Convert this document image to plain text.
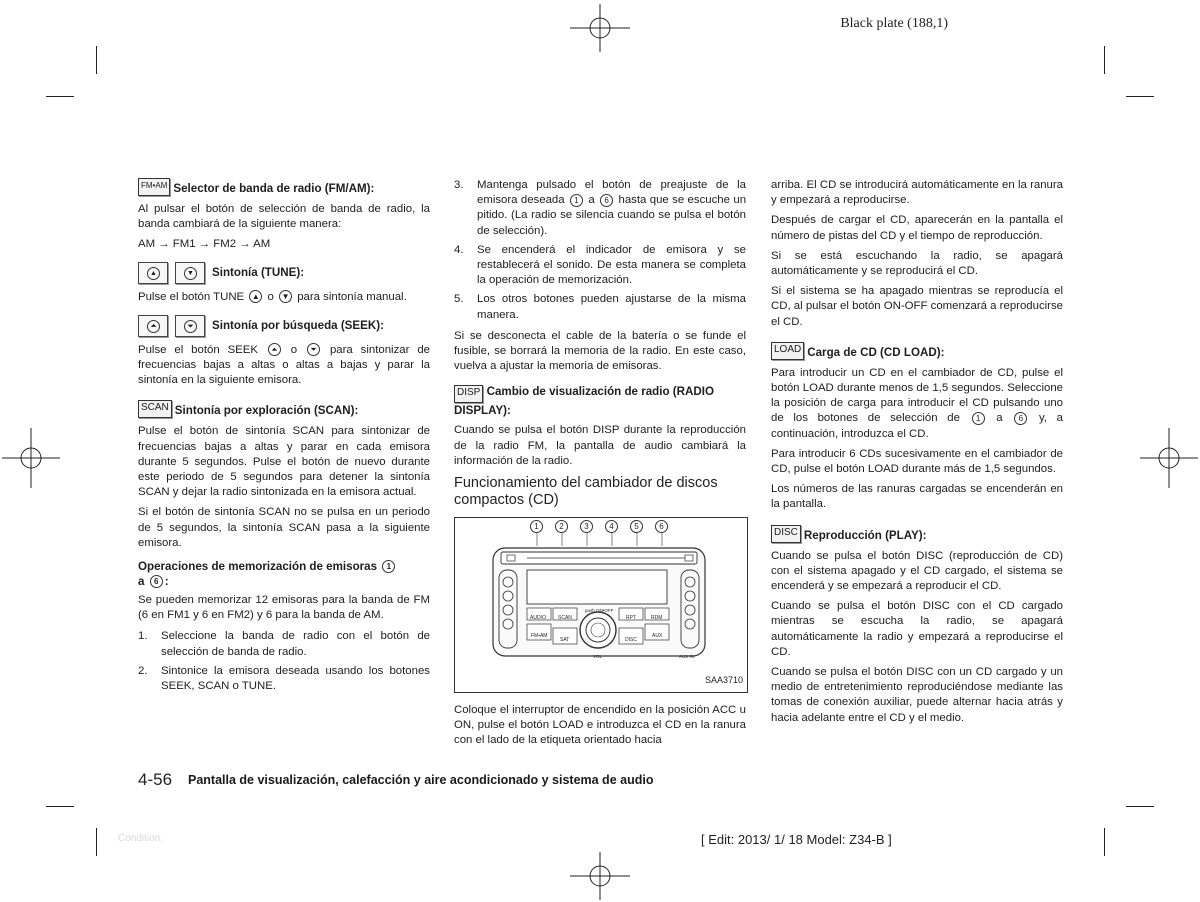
Black plate (188,1)
FM•AM Selector de banda de radio (FM/AM):

Al pulsar el botón de selección de banda de radio, la banda cambiará de la siguiente manera:

AM → FM1 → FM2 → AM

▲	▼ Sintonía (TUNE):

Pulse el botón TUNE ▲ o ▼ para sintonía manual.

⏶	⏷	Sintonía por búsqueda (SEEK):

Pulse el botón SEEK ⏶ o ⏷ para sintonizar de frecuencias bajas a altas o altas a bajas y parar la sintonía en la siguiente emisora.

SCAN Sintonía por exploración (SCAN):

Pulse el botón de sintonía SCAN para sintonizar de frecuencias bajas a altas y parar en cada emisora durante 5 segundos. Pulse el botón de nuevo durante este periodo de 5 segundos para detener la sintonía SCAN y dejar la radio sintonizada en la emisora actual.

Si el botón de sintonía SCAN no se pulsa en un periodo de 5 segundos, la sintonía SCAN pasa a la siguiente emisora.

Operaciones de memorización de emisoras 1
a 6 :

Se pueden memorizar 12 emisoras para la banda de FM (6 en FM1 y 6 en FM2) y 6 para la banda de AM.

1.	Seleccione la banda de radio con el botón de selección de banda de radio.
2.	Sintonice la emisora deseada usando los botones SEEK, SCAN o TUNE.
3.	Mantenga pulsado el botón de preajuste de la emisora deseada 1 a 6 hasta que se escuche un pitido. (La radio se silencia cuando se pulsa el botón de selección).
4.	Se encenderá el indicador de emisora y se restablecerá el sonido. De esta manera se completa la operación de memorización.
5.	Los otros botones pueden ajustarse de la misma manera.

Si se desconecta el cable de la batería o se funde el fusible, se borrará la memoria de la radio. En este caso, vuelva a ajustar la memoria de emisoras.

DISP Cambio de visualización de radio (RADIO DISPLAY):

Cuando se pulsa el botón DISP durante la reproducción de la radio FM, la pantalla de audio cambiará la información de la radio.

Funcionamiento del cambiador de discos compactos (CD)
1	2	3	4	5	6
AUDIO SCAN
push ON•OFF
RPT	RDM
FM•AM
SAT	DISC
AUX
VOL	AUX IN
SAA3710

Coloque el interruptor de encendido en la posición ACC u ON, pulse el botón LOAD e introduzca el CD en la ranura con el lado de la etiqueta orientado hacia

arriba. El CD se introducirá automáticamente en la ranura y empezará a reproducirse.

Después de cargar el CD, aparecerán en la pantalla el número de pistas del CD y el tiempo de reproducción.

Si se está escuchando la radio, se apagará automáticamente y se reproducirá el CD.

Si el sistema se ha apagado mientras se reproducía el CD, al pulsar el botón ON-OFF comenzará a reproducirse el CD.

LOAD Carga de CD (CD LOAD):

Para introducir un CD en el cambiador de CD, pulse el botón LOAD durante menos de 1,5 segundos. Seleccione la posición de carga para introducir el CD pulsando uno de los botones de selección de 1 a 6 y, a continuación, introduzca el CD.

Para introducir 6 CDs sucesivamente en el cambiador de CD, pulse el botón LOAD durante más de 1,5 segundos.

Los números de las ranuras cargadas se encenderán en la pantalla.

DISC Reproducción (PLAY):

Cuando se pulsa el botón DISC (reproducción de CD) con el sistema apagado y el CD cargado, el sistema se encenderá y se empezará a reproducir el CD.

Cuando se pulsa el botón DISC con el CD cargado mientras se escucha la radio, se apagará automáticamente la radio y empezará a reproducirse el CD.

Cuando se pulsa el botón DISC con un CD cargado y un medio de entretenimiento reproduciéndose mediante las tomas de conexión auxiliar, puede alternar hacia atrás y hacia adelante entre el CD y el medio.

4-56 Pantalla de visualización, calefacción y aire acondicionado y sistema de audio
Condition:	[ Edit: 2013/ 1/ 18 Model: Z34-B ]
